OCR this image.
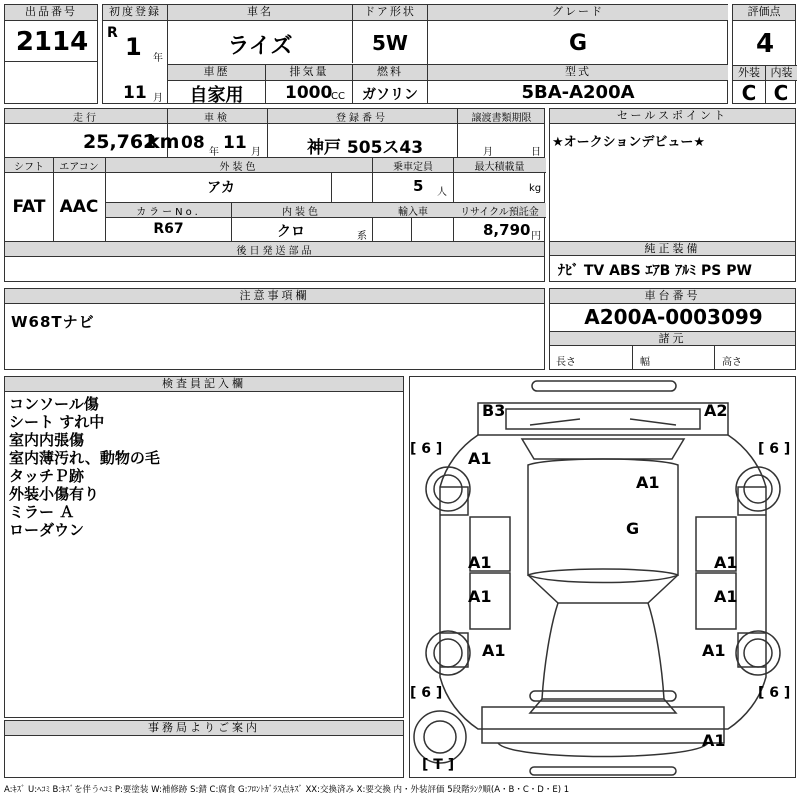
出品番号
2114
初度登録
R 1 年
11 月
車名
ライズ
ドア形状
5W
グレード
G
車歴
自家用
排気量
1000
CC
燃料
ガソリン
型式
5BA-A200A
評価点
4
外装 内装
C C
走行	車検	登録番号	譲渡書類期限
25,762
km 08 年 11 月	神戸 505ス43	月	日
シフト	エアコン	外装色	乗車定員	最大積載量
FAT AAC
アカ	5 人	kg
カラーNo.	内装色	輸入車	リサイクル預託金
R67	クロ	系	8,790 円
後日発送部品
セールスポイント
★オークションデビュー★
純正装備
ﾅﾋﾞ TV ABS ｴｱB ｱﾙﾐ PS PW
注意事項欄
W68Tナビ
車台番号
A200A-0003099
諸元
長さ	幅	高さ
検査員記入欄
コンソール傷
シート すれ中
室内内張傷
室内薄汚れ、動物の毛
タッチＰ跡
外装小傷有り
ミラー Ａ
ローダウン
事務局よりご案内
A:ｷｽﾞ U:ﾍｺﾐ B:ｷｽﾞを伴うﾍｺﾐ P:要塗装 W:補修跡 S:錆 C:腐食 G:ﾌﾛﾝﾄｶﾞﾗｽ点ｷｽﾞ XX:交換済み X:要交換 内・外装評価 5段階ﾗﾝｸ順(A・B・C・D・E) 1
[ 6 ]	[ 6 ]
[ 6 ]	[ 6 ]
[ T ]
B3	A2
A1
A1
G
A1	A1
A1	A1
A1	A1
A1
